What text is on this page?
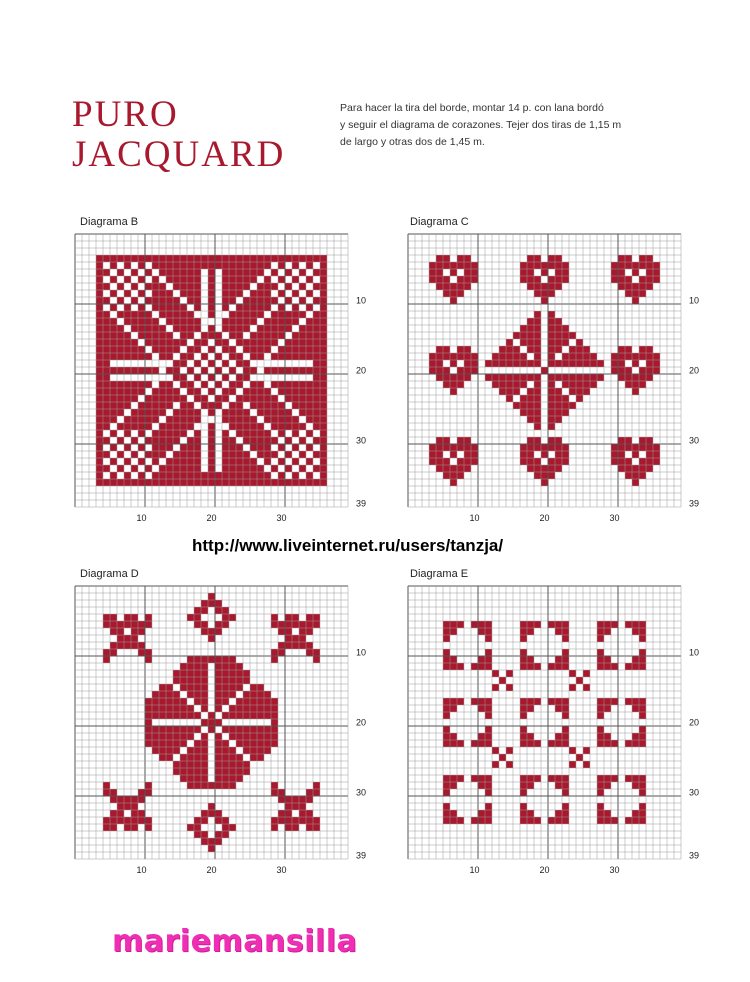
PURO
JACQUARD
Para hacer la tira del borde, montar 14 p. con lana bordó
y seguir el diagrama de corazones. Tejer dos tiras de 1,15 m
de largo y otras dos de 1,45 m.
Diagrama B
10	20	30
10
20
30
39
Diagrama C
10	20	30
10
20
30
39
http://www.liveinternet.ru/users/tanzja/
Diagrama D
10	20	30
10
20
30
39
Diagrama E
10	20	30
10
20
30
39
mariemansilla
